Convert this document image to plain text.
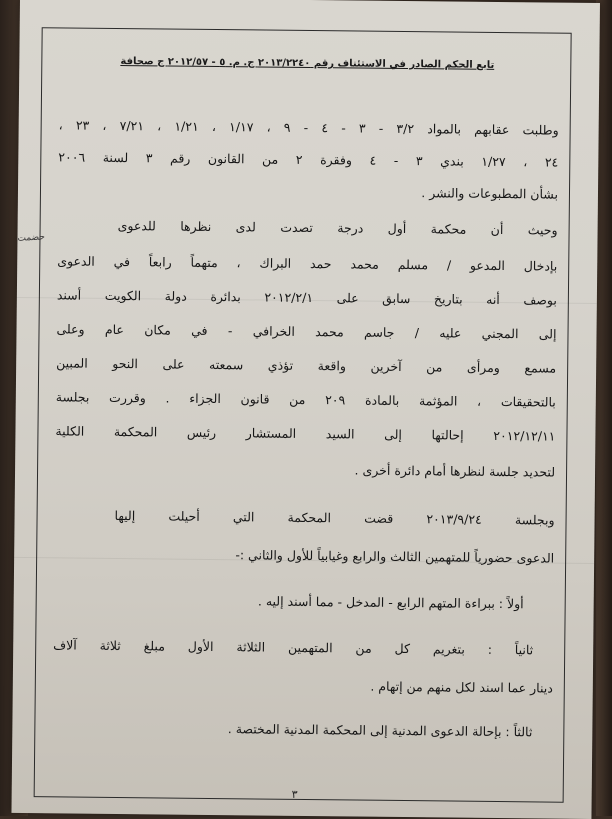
تابع الحكم الصادر في الاستئناف رقم ٢٠١٣/٢٢٤٠ ج. م. ٥ - ٢٠١٢/٥٧ ج صحافة
حضمت
وطلبت عقابهم بالمواد ٣/٢ - ٣ - ٤ - ٩ ، ١/١٧ ، ١/٢١ ، ٧/٢١ ، ٢٣ ،
٢٤ ، ١/٢٧ بندي ٣ - ٤ وفقرة ٢ من القانون رقم ٣ لسنة ٢٠٠٦
بشأن المطبوعات والنشر .
وحيث أن محكمة أول درجة تصدت لدى نظرها للدعوى
بإدخال المدعو / مسلم محمد حمد البراك ، متهماً رابعاً في الدعوى
بوصف أنه بتاريخ سابق على ٢٠١٢/٢/١ بدائرة دولة الكويت أسند
إلى المجني عليه / جاسم محمد الخرافي - في مكان عام وعلى
مسمع ومرأى من آخرين واقعة تؤذي سمعته على النحو المبين
بالتحقيقات ، المؤثمة بالمادة ٢٠٩ من قانون الجزاء . وقررت بجلسة
٢٠١٢/١٢/١١ إحالتها إلى السيد المستشار رئيس المحكمة الكلية
لتحديد جلسة لنظرها أمام دائرة أخرى .
وبجلسة ٢٠١٣/٩/٢٤ قضت المحكمة التي أحيلت إليها
الدعوى حضورياً للمتهمين الثالث والرابع وغيابياً للأول والثاني :-
أولاً : ببراءة المتهم الرابع - المدخل - مما أسند إليه .
ثانياً : بتغريم كل من المتهمين الثلاثة الأول مبلغ ثلاثة آلاف
دينار عما اسند لكل منهم من إتهام .
ثالثاً : بإحالة الدعوى المدنية إلى المحكمة المدنية المختصة .
٣
